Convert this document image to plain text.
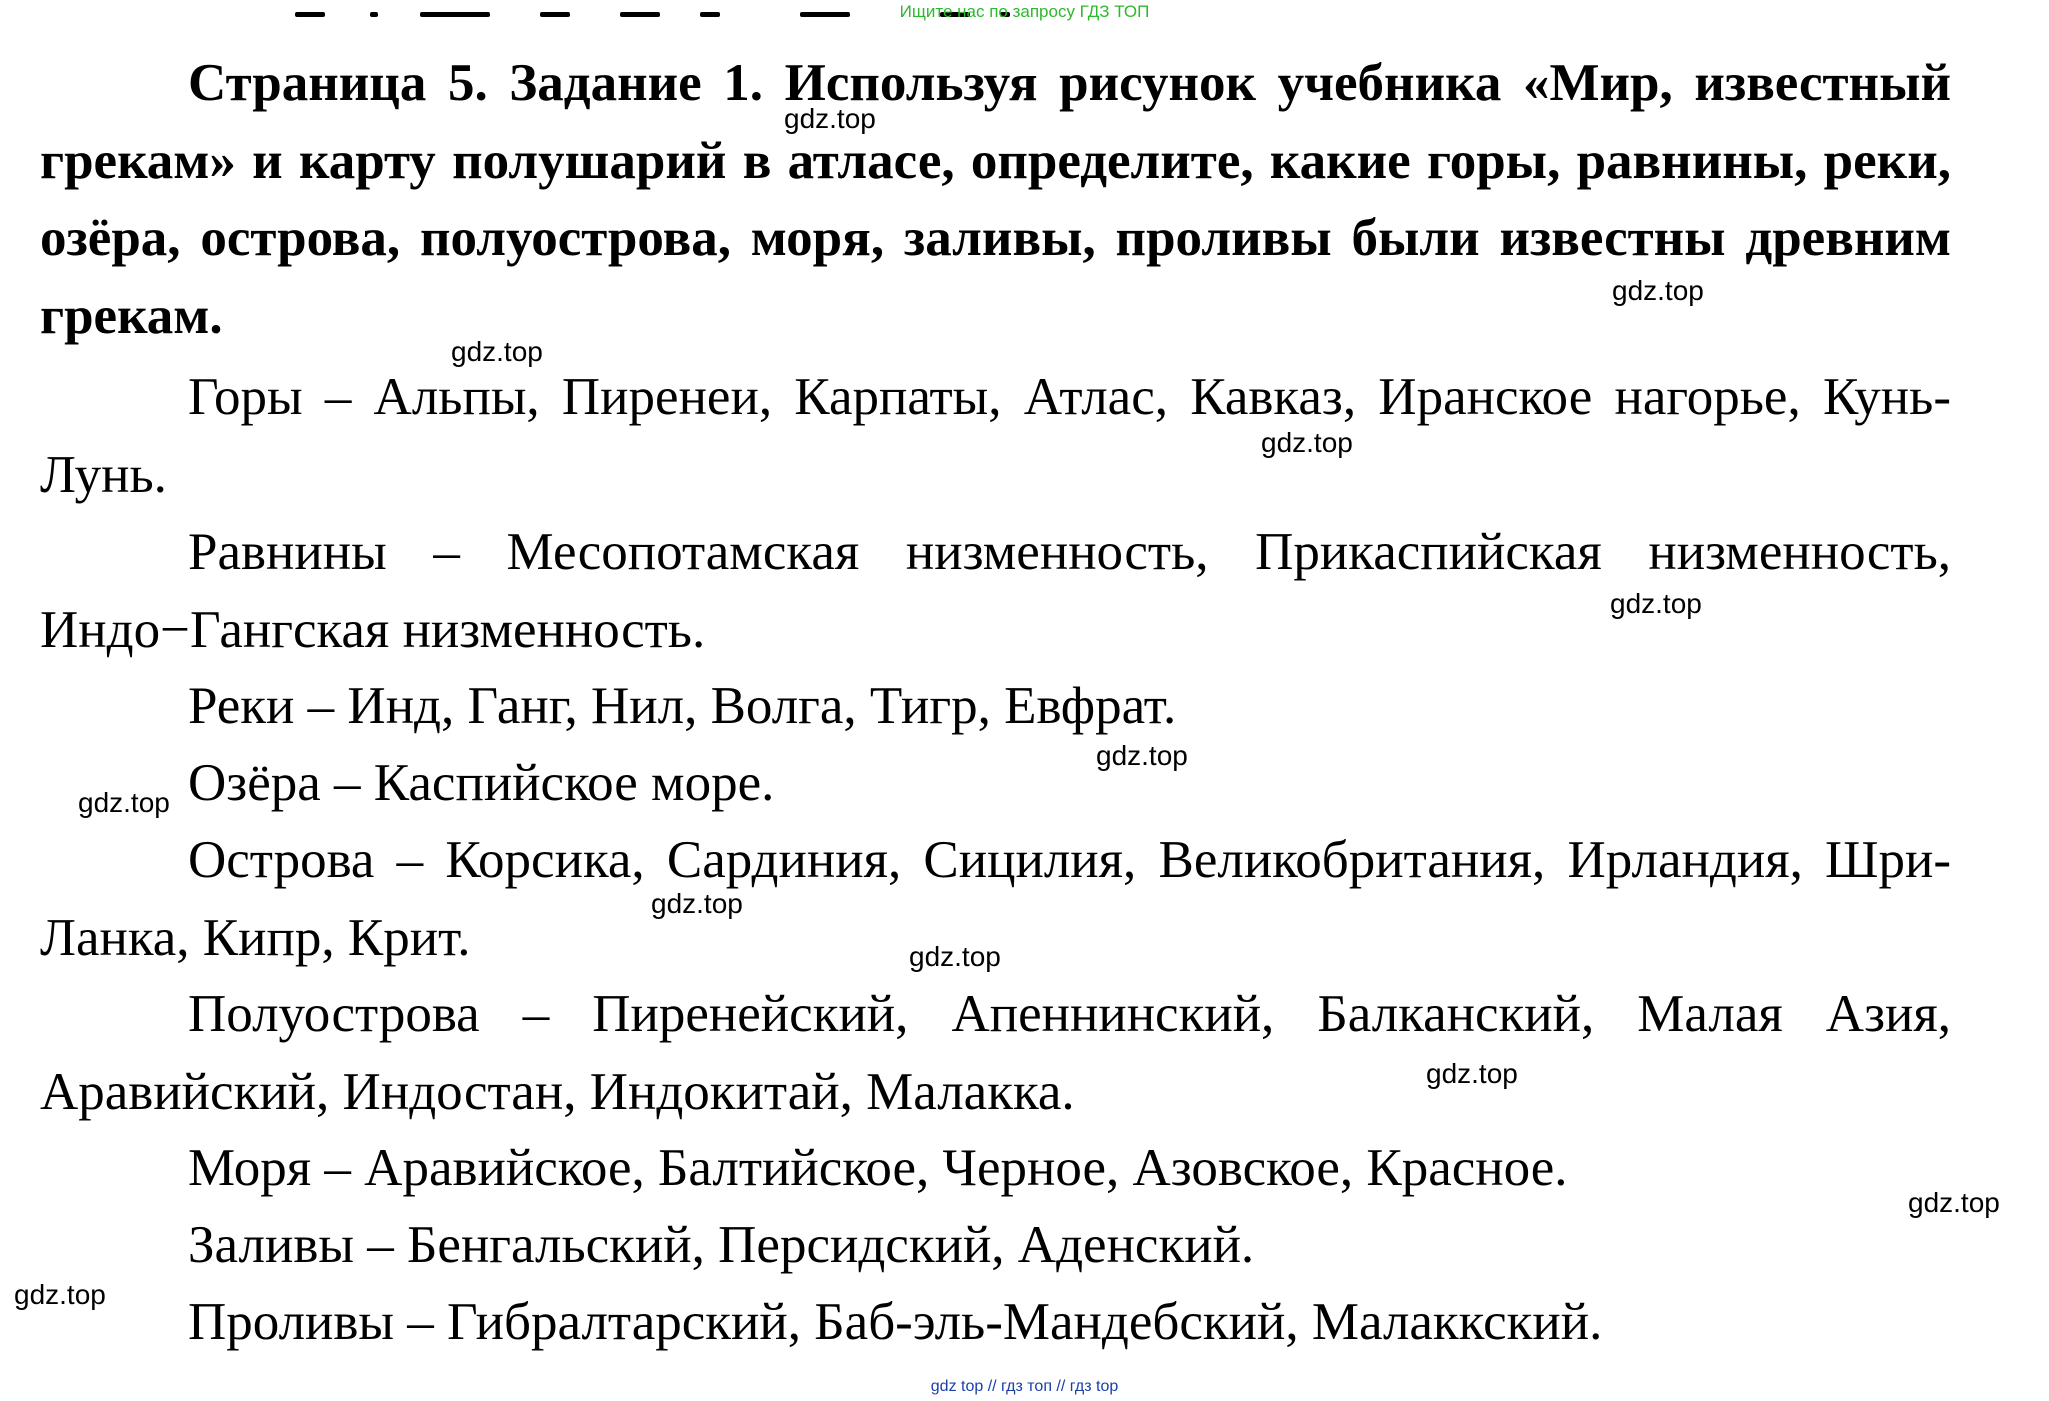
Ищите нас по запросу ГДЗ ТОП
Страница 5. Задание 1. Используя рисунок учебника «Мир, известный грекам» и карту полушарий в атласе, определите, какие горы, равнины, реки, озёра, острова, полуострова, моря, заливы, проливы были известны древним грекам.
Горы – Альпы, Пиренеи, Карпаты, Атлас, Кавказ, Иранское нагорье, Кунь-Лунь.
Равнины – Месопотамская низменность, Прикаспийская низменность, Индо−Гангская низменность.
Реки – Инд, Ганг, Нил, Волга, Тигр, Евфрат.
Озёра – Каспийское море.
Острова – Корсика, Сардиния, Сицилия, Великобритания, Ирландия, Шри-Ланка, Кипр, Крит.
Полуострова – Пиренейский, Апеннинский, Балканский, Малая Азия, Аравийский, Индостан, Индокитай, Малакка.
Моря – Аравийское, Балтийское, Черное, Азовское, Красное.
Заливы – Бенгальский, Персидский, Аденский.
Проливы – Гибралтарский, Баб-эль-Мандебский, Малаккский.
gdz.top
gdz.top
gdz.top
gdz.top
gdz.top
gdz.top
gdz.top
gdz.top
gdz.top
gdz.top
gdz.top
gdz.top
gdz top // гдз топ // гдз top
